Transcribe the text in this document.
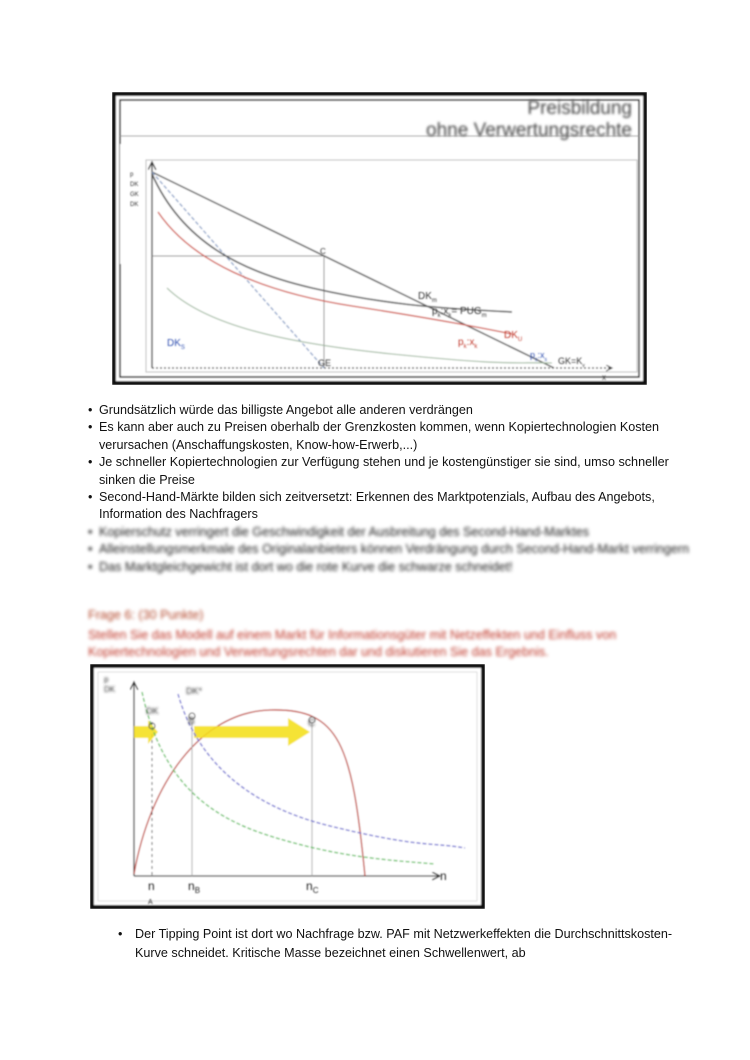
Preisbildung
ohne Verwertungsrechte
p
DK
GK
DK
C
$DK_m$
$p_k:x_k= PUG_m$
$DK_U$
$p_k:x_k$
$DK_S$
$p_s:x_s$
GE	$GK=K_v$
x
• Grundsätzlich würde das billigste Angebot alle anderen verdrängen
• Es kann aber auch zu Preisen oberhalb der Grenzkosten kommen, wenn Kopiertechnologien Kosten verursachen (Anschaffungskosten, Know-how-Erwerb,...)
• Je schneller Kopiertechnologien zur Verfügung stehen und je kostengünstiger sie sind, umso schneller sinken die Preise
• Second-Hand-Märkte bilden sich zeitversetzt: Erkennen des Marktpotenzials, Aufbau des Angebots, Information des Nachfragers
• Kopierschutz verringert die Geschwindigkeit der Ausbreitung des Second-Hand-Marktes
• Alleinstellungsmerkmale des Originalanbieters können Verdrängung durch Second-Hand-Markt verringern
• Das Marktgleichgewicht ist dort wo die rote Kurve die schwarze schneidet!
Frage 6: (30 Punkte)
Stellen Sie das Modell auf einem Markt für Informationsgüter mit Netzeffekten und Einfluss von Kopiertechnologien und Verwertungsrechten dar und diskutieren Sie das Ergebnis.
p
DK
DK
DK*
B	C
n
A
$n_B$	$n_C$
n
• Der Tipping Point ist dort wo Nachfrage bzw. PAF mit Netzwerkeffekten die Durchschnittskosten-Kurve schneidet. Kritische Masse bezeichnet einen Schwellenwert, ab
